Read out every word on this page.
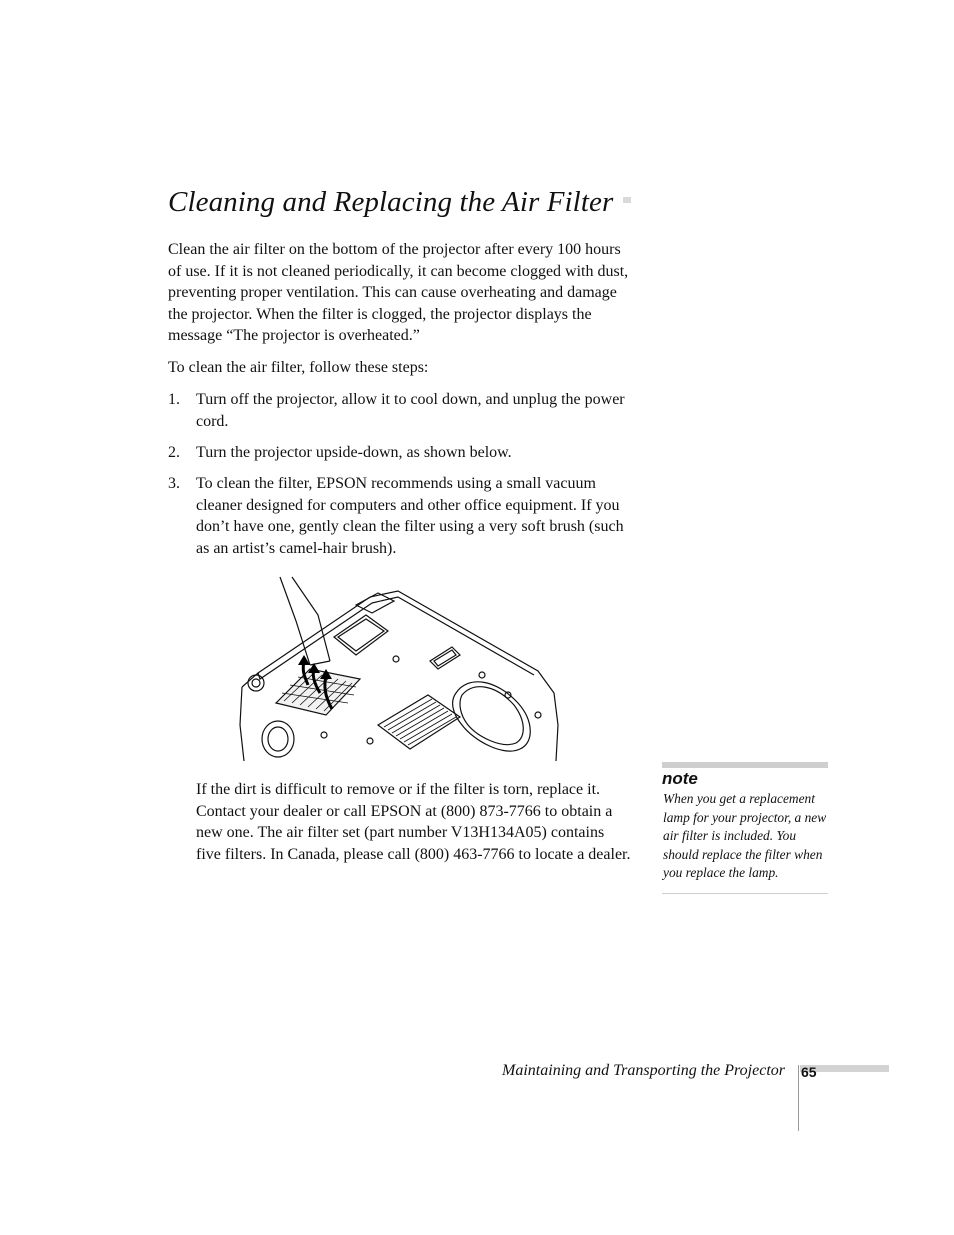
Cleaning and Replacing the Air Filter

Clean the air filter on the bottom of the projector after every 100 hours of use. If it is not cleaned periodically, it can become clogged with dust, preventing proper ventilation. This can cause overheating and damage the projector. When the filter is clogged, the projector displays the message “The projector is overheated.”

To clean the air filter, follow these steps:

1. Turn off the projector, allow it to cool down, and unplug the power cord.
2. Turn the projector upside-down, as shown below.
3. To clean the filter, EPSON recommends using a small vacuum cleaner designed for computers and other office equipment. If you don’t have one, gently clean the filter using a very soft brush (such as an artist’s camel-hair brush).

If the dirt is difficult to remove or if the filter is torn, replace it. Contact your dealer or call EPSON at (800) 873-7766 to obtain a new one. The air filter set (part number V13H134A05) contains five filters. In Canada, please call (800) 463-7766 to locate a dealer.

note

When you get a replacement lamp for your projector, a new air filter is included. You should replace the filter when you replace the lamp.

Maintaining and Transporting the Projector 65
